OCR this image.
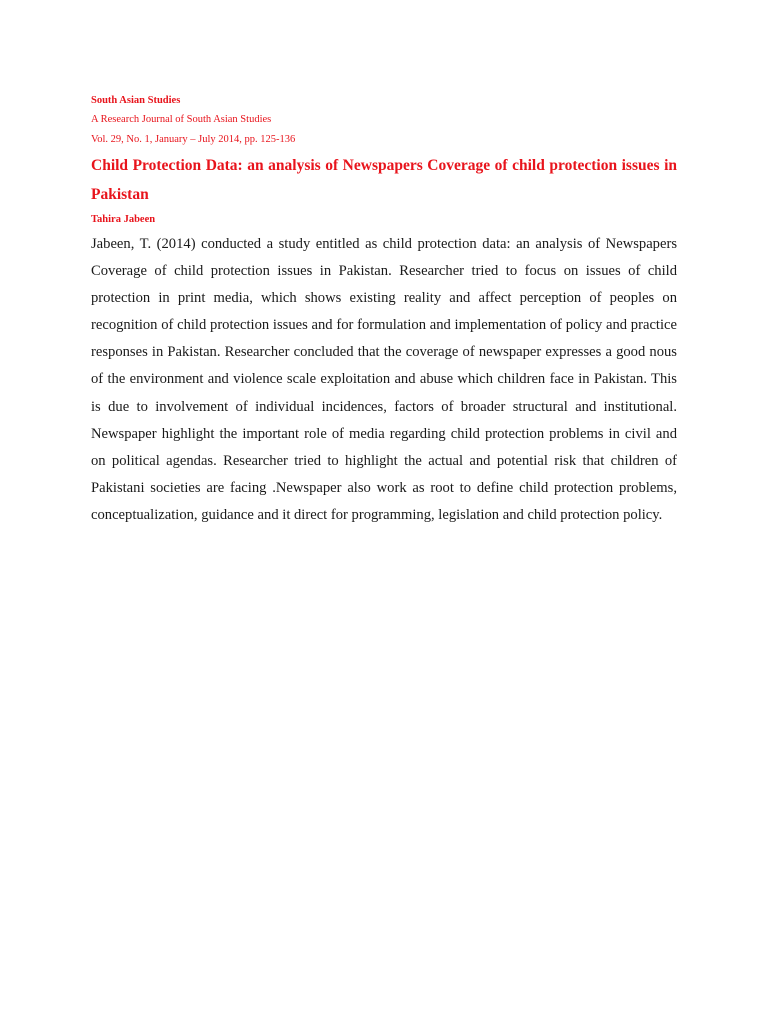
South Asian Studies
A Research Journal of South Asian Studies
Vol. 29, No. 1, January – July 2014, pp. 125-136
Child Protection Data: an analysis of Newspapers Coverage of child protection issues in Pakistan
Tahira Jabeen
Jabeen, T. (2014) conducted a study entitled as child protection data: an analysis of Newspapers Coverage of child protection issues in Pakistan. Researcher tried to focus on issues of child protection in print media, which shows existing reality and affect perception of peoples on recognition of child protection issues and for formulation and implementation of policy and practice responses in Pakistan. Researcher concluded that the coverage of newspaper expresses a good nous of the environment and violence scale exploitation and abuse which children face in Pakistan. This is due to involvement of individual incidences, factors of broader structural and institutional. Newspaper highlight the important role of media regarding child protection problems in civil and on political agendas. Researcher tried to highlight the actual and potential risk that children of Pakistani societies are facing .Newspaper also work as root to define child protection problems, conceptualization, guidance and it direct for programming, legislation and child protection policy.
